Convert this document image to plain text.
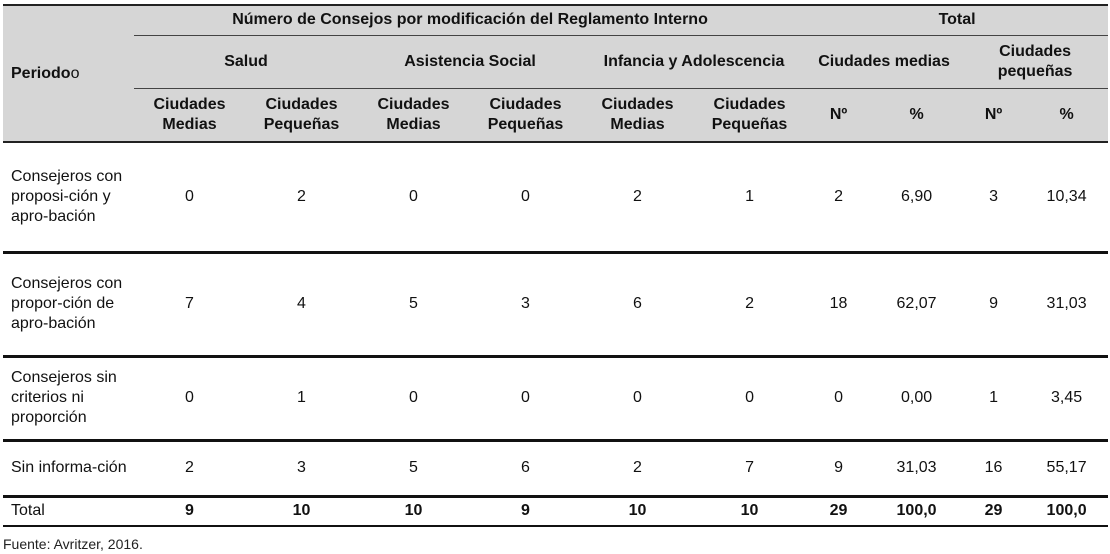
Periodoo	Número de Consejos por modificación del Reglamento Interno						Total			
	Salud		Asistencia Social		Infancia y Adolescencia		Ciudades medias		Ciudades pequeñas	
	Ciudades Medias	Ciudades Pequeñas	Ciudades Medias	Ciudades Pequeñas	Ciudades Medias	Ciudades Pequeñas	Nº	%	Nº	%
Consejeros con proposi-ción y apro-bación	0	2	0	0	2	1	2	6,90	3	10,34
Consejeros con propor-ción de apro-bación	7	4	5	3	6	2	18	62,07	9	31,03
Consejeros sin criterios ni proporción	0	1	0	0	0	0	0	0,00	1	3,45
Sin informa-ción	2	3	5	6	2	7	9	31,03	16	55,17
Total	9	10	10	9	10	10	29	100,0	29	100,0
Fuente: Avritzer, 2016.
